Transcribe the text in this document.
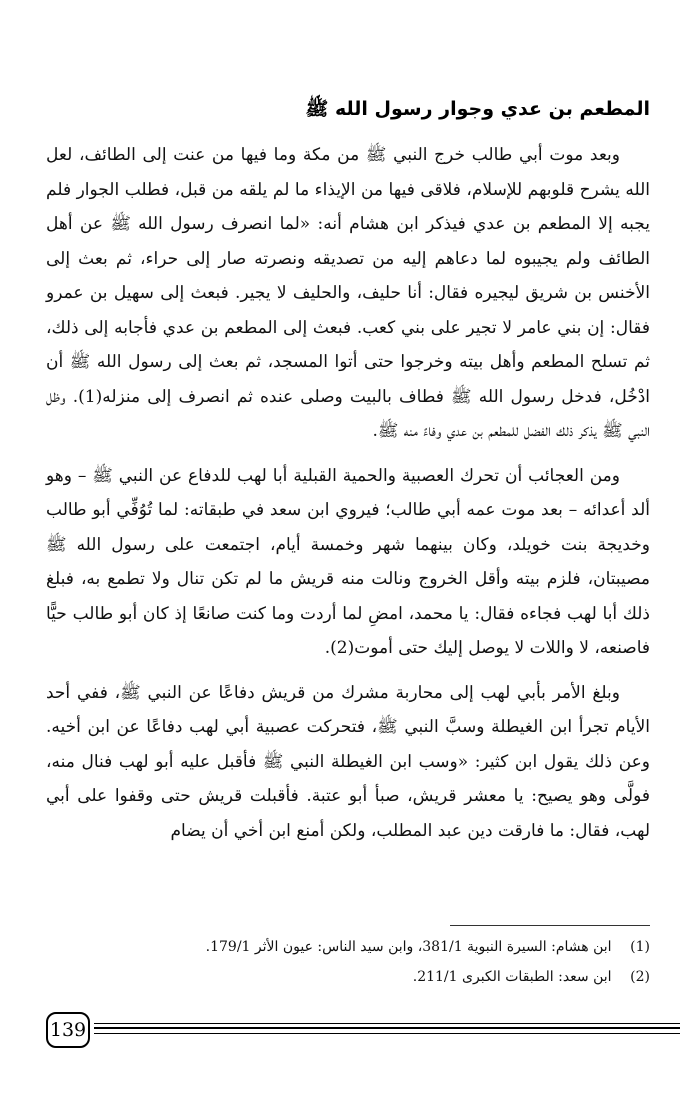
المطعم بن عدي وجوار رسول الله ﷺ

وبعد موت أبي طالب خرج النبي ﷺ من مكة وما فيها من عنت إلى الطائف، لعل الله يشرح قلوبهم للإسلام، فلاقى فيها من الإيذاء ما لم يلقه من قبل، فطلب الجوار فلم يجبه إلا المطعم بن عدي فيذكر ابن هشام أنه: «لما انصرف رسول الله ﷺ عن أهل الطائف ولم يجيبوه لما دعاهم إليه من تصديقه ونصرته صار إلى حراء، ثم بعث إلى الأخنس بن شريق ليجيره فقال: أنا حليف، والحليف لا يجير. فبعث إلى سهيل بن عمرو فقال: إن بني عامر لا تجير على بني كعب. فبعث إلى المطعم بن عدي فأجابه إلى ذلك، ثم تسلح المطعم وأهل بيته وخرجوا حتى أتوا المسجد، ثم بعث إلى رسول الله ﷺ أن ادْخُل، فدخل رسول الله ﷺ فطاف بالبيت وصلى عنده ثم انصرف إلى منزله(1). وظل النبي ﷺ يذكر ذلك الفضل للمطعم بن عدي وفاءً منه ﷺ.

ومن العجائب أن تحرك العصبية والحمية القبلية أبا لهب للدفاع عن النبي ﷺ – وهو ألد أعدائه – بعد موت عمه أبي طالب؛ فيروي ابن سعد في طبقاته: لما تُوُفِّي أبو طالب وخديجة بنت خويلد، وكان بينهما شهر وخمسة أيام، اجتمعت على رسول الله ﷺ مصيبتان، فلزم بيته وأقل الخروج ونالت منه قريش ما لم تكن تنال ولا تطمع به، فبلغ ذلك أبا لهب فجاءه فقال: يا محمد، امضِ لما أردت وما كنت صانعًا إذ كان أبو طالب حيًّا فاصنعه، لا واللات لا يوصل إليك حتى أموت(2).

وبلغ الأمر بأبي لهب إلى محاربة مشرك من قريش دفاعًا عن النبي ﷺ، ففي أحد الأيام تجرأ ابن الغيطلة وسبَّ النبي ﷺ، فتحركت عصبية أبي لهب دفاعًا عن ابن أخيه. وعن ذلك يقول ابن كثير: «وسب ابن الغيطلة النبي ﷺ فأقبل عليه أبو لهب فنال منه، فولَّى وهو يصيح: يا معشر قريش، صبأ أبو عتبة. فأقبلت قريش حتى وقفوا على أبي لهب، فقال: ما فارقت دين عبد المطلب، ولكن أمنع ابن أخي أن يضام

(1) ابن هشام: السيرة النبوية 381/1، وابن سيد الناس: عيون الأثر 179/1.
(2) ابن سعد: الطبقات الكبرى 211/1.
139
